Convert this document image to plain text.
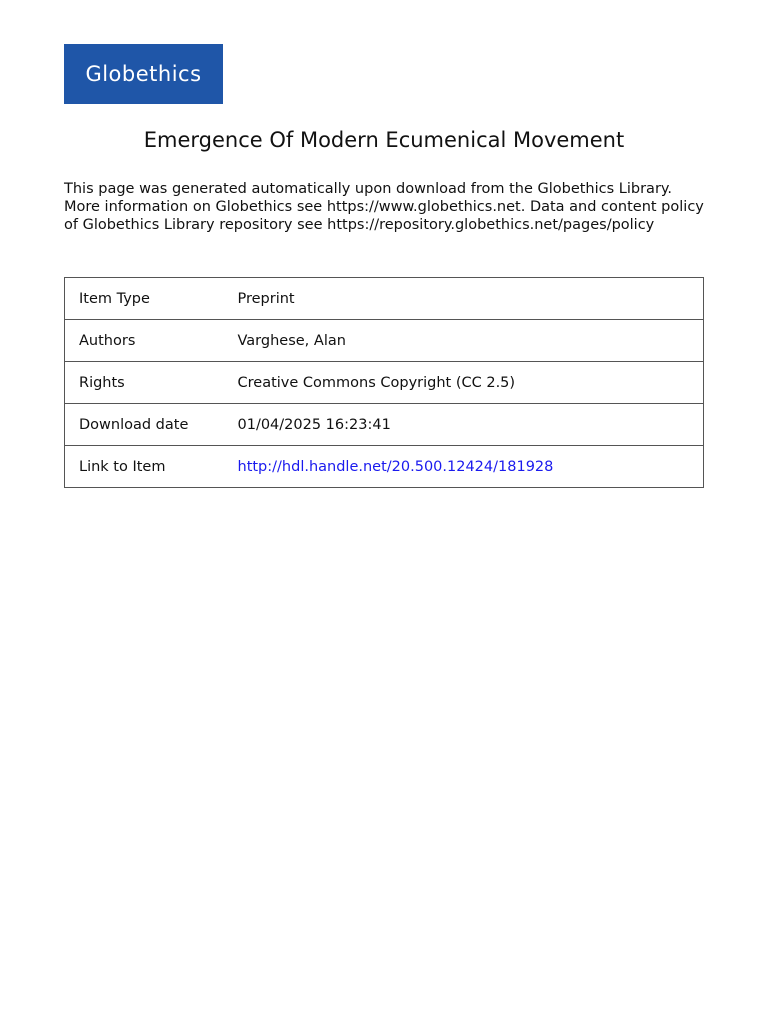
Globethics
Emergence Of Modern Ecumenical Movement
This page was generated automatically upon download from the Globethics Library. More information on Globethics see https://www.globethics.net. Data and content policy of Globethics Library repository see https://repository.globethics.net/pages/policy
Item Type	Preprint
Authors	Varghese, Alan
Rights	Creative Commons Copyright (CC 2.5)
Download date	01/04/2025 16:23:41
Link to Item	http://hdl.handle.net/20.500.12424/181928
